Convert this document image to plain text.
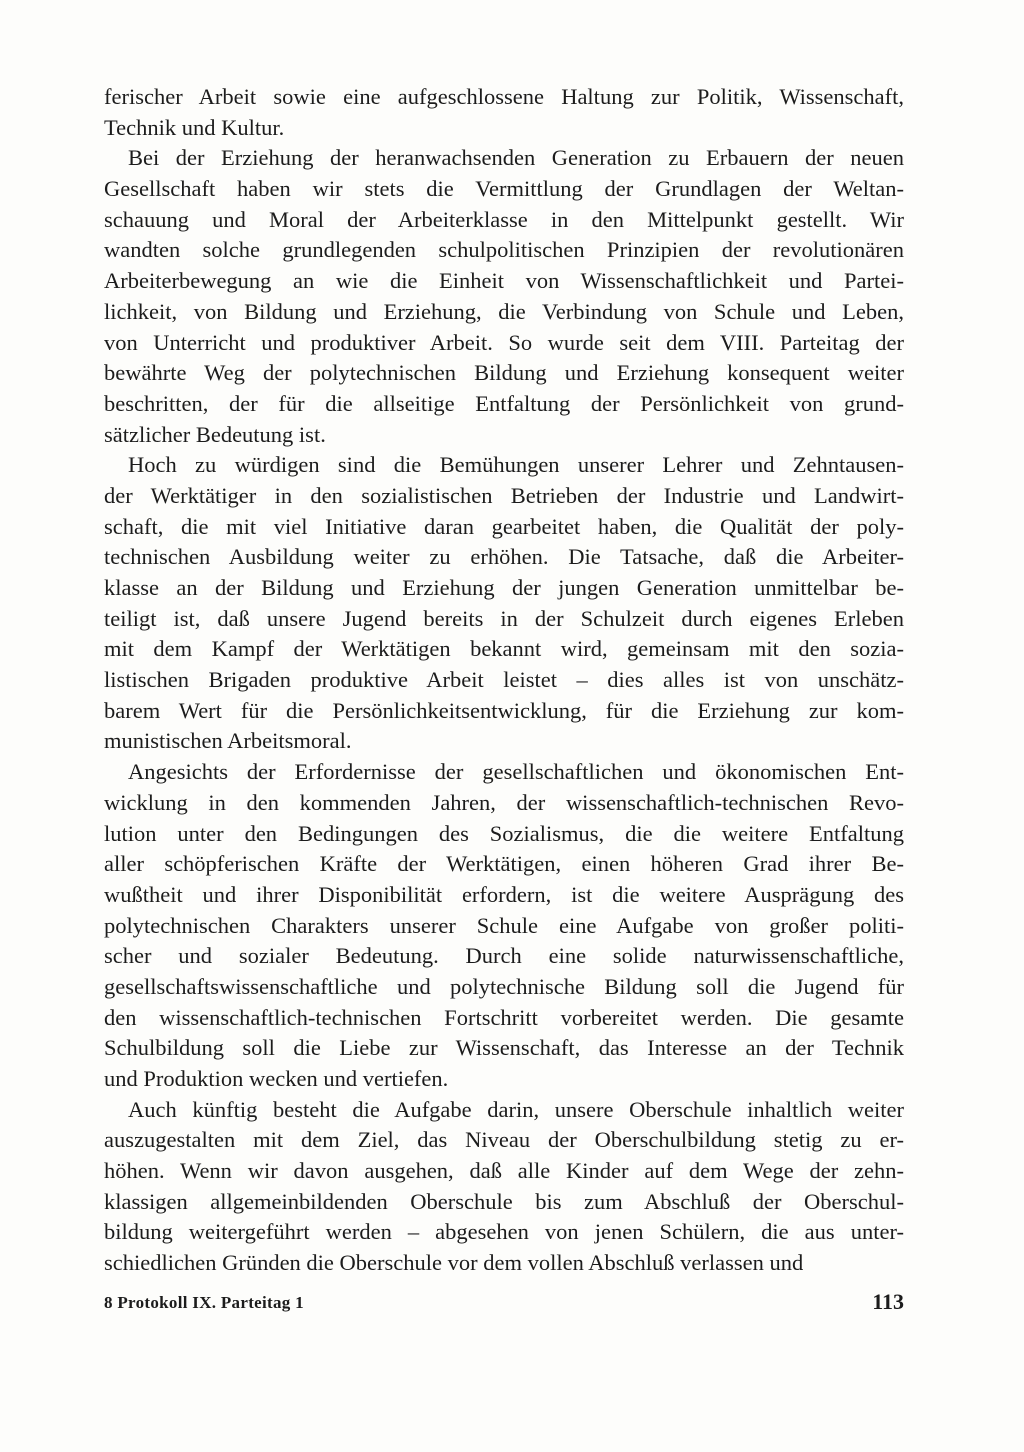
ferischer Arbeit sowie eine aufgeschlossene Haltung zur Politik, Wissenschaft,
Technik und Kultur.
Bei der Erziehung der heranwachsenden Generation zu Erbauern der neuen
Gesellschaft haben wir stets die Vermittlung der Grundlagen der Weltan-
schauung und Moral der Arbeiterklasse in den Mittelpunkt gestellt. Wir
wandten solche grundlegenden schulpolitischen Prinzipien der revolutionären
Arbeiterbewegung an wie die Einheit von Wissenschaftlichkeit und Partei-
lichkeit, von Bildung und Erziehung, die Verbindung von Schule und Leben,
von Unterricht und produktiver Arbeit. So wurde seit dem VIII. Parteitag der
bewährte Weg der polytechnischen Bildung und Erziehung konsequent weiter
beschritten, der für die allseitige Entfaltung der Persönlichkeit von grund-
sätzlicher Bedeutung ist.
Hoch zu würdigen sind die Bemühungen unserer Lehrer und Zehntausen-
der Werktätiger in den sozialistischen Betrieben der Industrie und Landwirt-
schaft, die mit viel Initiative daran gearbeitet haben, die Qualität der poly-
technischen Ausbildung weiter zu erhöhen. Die Tatsache, daß die Arbeiter-
klasse an der Bildung und Erziehung der jungen Generation unmittelbar be-
teiligt ist, daß unsere Jugend bereits in der Schulzeit durch eigenes Erleben
mit dem Kampf der Werktätigen bekannt wird, gemeinsam mit den sozia-
listischen Brigaden produktive Arbeit leistet – dies alles ist von unschätz-
barem Wert für die Persönlichkeitsentwicklung, für die Erziehung zur kom-
munistischen Arbeitsmoral.
Angesichts der Erfordernisse der gesellschaftlichen und ökonomischen Ent-
wicklung in den kommenden Jahren, der wissenschaftlich-technischen Revo-
lution unter den Bedingungen des Sozialismus, die die weitere Entfaltung
aller schöpferischen Kräfte der Werktätigen, einen höheren Grad ihrer Be-
wußtheit und ihrer Disponibilität erfordern, ist die weitere Ausprägung des
polytechnischen Charakters unserer Schule eine Aufgabe von großer politi-
scher und sozialer Bedeutung. Durch eine solide naturwissenschaftliche,
gesellschaftswissenschaftliche und polytechnische Bildung soll die Jugend für
den wissenschaftlich-technischen Fortschritt vorbereitet werden. Die gesamte
Schulbildung soll die Liebe zur Wissenschaft, das Interesse an der Technik
und Produktion wecken und vertiefen.
Auch künftig besteht die Aufgabe darin, unsere Oberschule inhaltlich weiter
auszugestalten mit dem Ziel, das Niveau der Oberschulbildung stetig zu er-
höhen. Wenn wir davon ausgehen, daß alle Kinder auf dem Wege der zehn-
klassigen allgemeinbildenden Oberschule bis zum Abschluß der Oberschul-
bildung weitergeführt werden – abgesehen von jenen Schülern, die aus unter-
schiedlichen Gründen die Oberschule vor dem vollen Abschluß verlassen und
8 Protokoll IX. Parteitag 1	113
